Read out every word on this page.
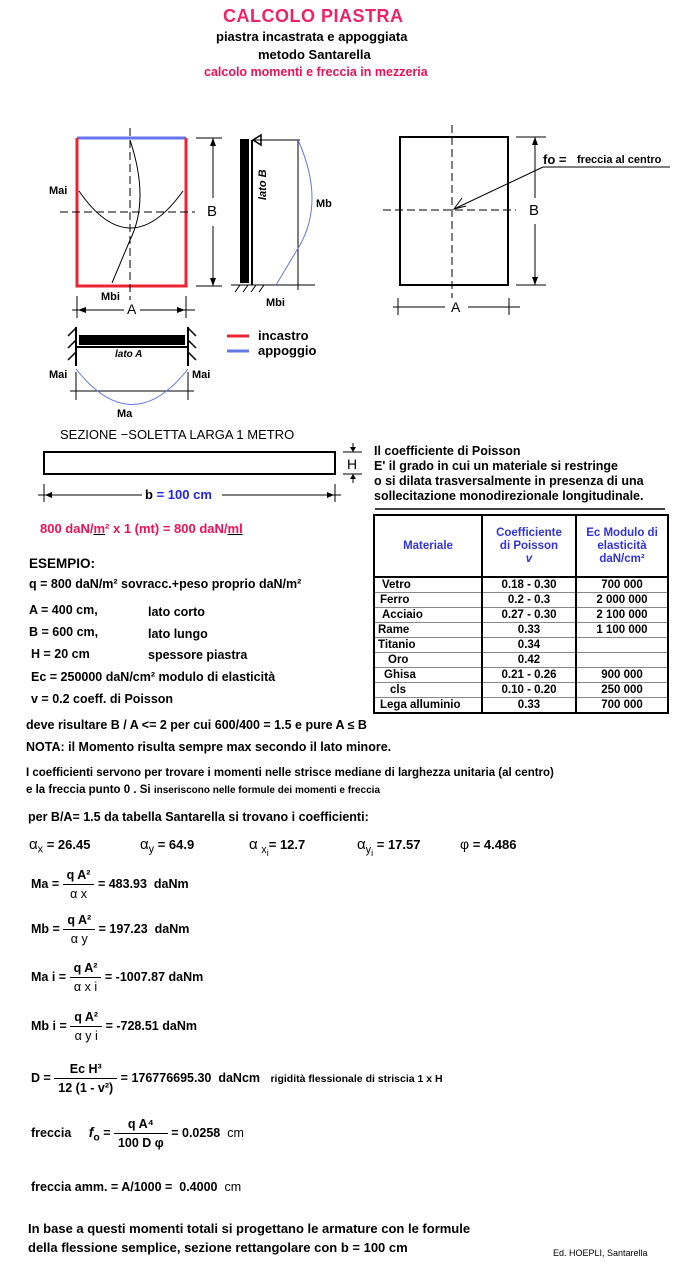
CALCOLO PIASTRA
piastra incastrata e appoggiata
metodo Santarella
calcolo momenti e freccia in mezzeria
Mai
Mbi
A
B
lato B
Mb
Mbi
fo = freccia al centro
A
B
lato A
Mai	Mai
Ma
incastro
appoggio
SEZIONE −SOLETTA LARGA 1 METRO
H
b = 100 cm
800 daN/m² x 1 (mt) = 800 daN/ml
Il coefficiente di Poisson
E' il grado in cui un materiale si restringe
o si dilata trasversalmente in presenza di una
sollecitazione monodirezionale longitudinale.
Materiale	Coefficiente
di Poisson
v	Ec Modulo di
elasticità
daN/cm²
Vetro	0.18 - 0.30	700 000
Ferro	0.2 - 0.3	2 000 000
Acciaio	0.27 - 0.30	2 100 000
Rame	0.33	1 100 000
Titanio	0.34	
Oro	0.42	
Ghisa	0.21 - 0.26	900 000
cls	0.10 - 0.20	250 000
Lega alluminio	0.33	700 000
ESEMPIO:
q = 800 daN/m² sovracc.+peso proprio daN/m²
A = 400 cm,	lato corto
B = 600 cm,	lato lungo
H = 20 cm	spessore piastra
Ec = 250000 daN/cm² modulo di elasticità
v = 0.2 coeff. di Poisson
deve risultare B / A <= 2 per cui 600/400 = 1.5 e pure A ≤ B
NOTA: il Momento risulta sempre max secondo il lato minore.
I coefficienti servono per trovare i momenti nelle strisce mediane di larghezza unitaria (al centro)
e la freccia punto 0 . Si inseriscono nelle formule dei momenti e freccia
per B/A= 1.5 da tabella Santarella si trovano i coefficienti:
$\alpha_x = 26.45$	$\alpha_y = 64.9$	α $_{x_i}$= 12.7	$\alpha_{y_i} = 17.57$	φ = 4.486
$Ma = \frac{\text{q A²}}{\text{α x}} = 483.93$ daNm
$Mb = \frac{\text{q A²}}{\text{α y}} = 197.23$ daNm
Ma $i = \frac{\text{q A²}}{\text{α x i}} = -1007.87$ daNm
Mb $i = \frac{\text{q A²}}{\text{α y i}} = -728.51$ daNm
$D = \frac{\text{Ec H³}}{\text{12 (1 - v²)}} = 176776695.30$ daNcm rigidità flessionale di striscia 1 x H
freccia $f_o = \frac{\text{q A⁴}}{\text{100 D φ}} = 0.0258$ cm
freccia amm. = A/1000 = 0.4000 cm
In base a questi momenti totali si progettano le armature con le formule
della flessione semplice, sezione rettangolare con b = 100 cm	Ed. HOEPLI, Santarella
